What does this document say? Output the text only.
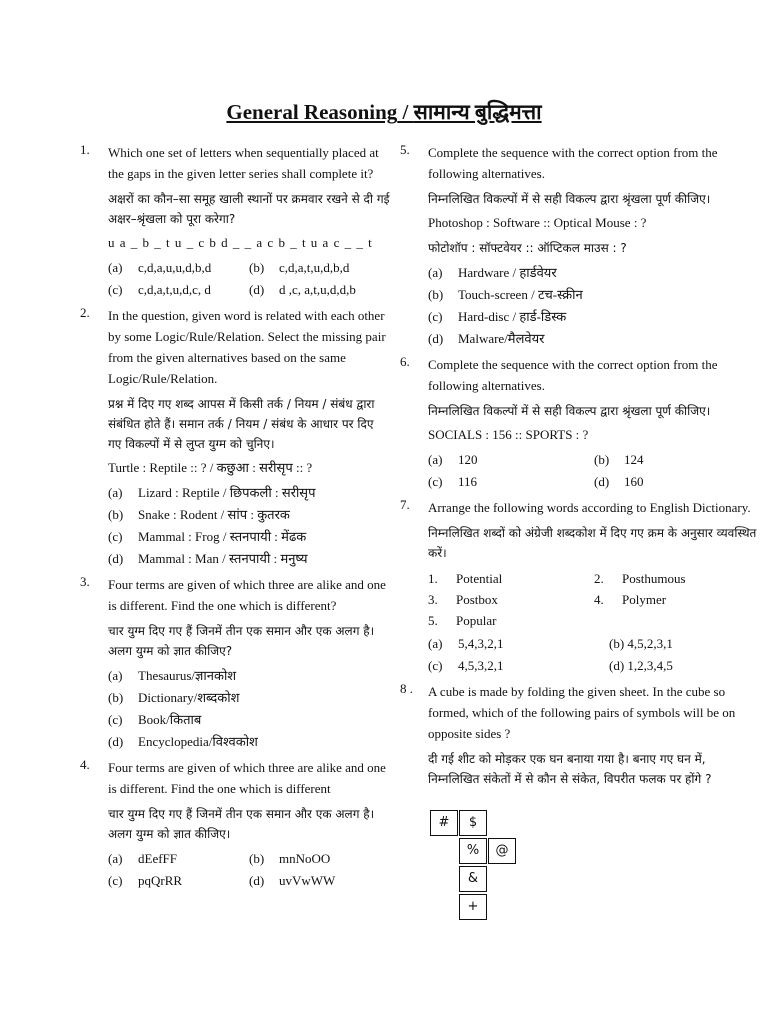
General Reasoning / सामान्य बुद्धिमत्ता
1. Which one set of letters when sequentially placed at the gaps in the given letter series shall complete it?
अक्षरों का कौन–सा समूह खाली स्थानों पर क्रमवार रखने से दी गई अक्षर–श्रृंखला को पूरा करेगा?
u a _ b _ t u _ c b d _ _ a c b _ t u a c _ _ t
(a) c,d,a,u,u,d,b,d	(b) c,d,a,t,u,d,b,d
(c) c,d,a,t,u,d,c, d	(d) d ,c, a,t,u,d,d,b
2. In the question, given word is related with each other by some Logic/Rule/Relation. Select the missing pair from the given alternatives based on the same Logic/Rule/Relation.
प्रश्न में दिए गए शब्द आपस में किसी तर्क / नियम / संबंध द्वारा संबंधित होते हैं। समान तर्क / नियम / संबंध के आधार पर दिए गए विकल्पों में से लुप्त युग्म को चुनिए।
Turtle : Reptile :: ? / कछुआ : सरीसृप :: ?
(a) Lizard : Reptile / छिपकली : सरीसृप
(b) Snake : Rodent / सांप : कुतरक
(c) Mammal : Frog / स्तनपायी : मेंढक
(d) Mammal : Man / स्तनपायी : मनुष्य
3. Four terms are given of which three are alike and one is different. Find the one which is different?
चार युग्म दिए गए हैं जिनमें तीन एक समान और एक अलग है। अलग युग्म को ज्ञात कीजिए?
(a) Thesaurus/ज्ञानकोश
(b) Dictionary/शब्दकोश
(c) Book/किताब
(d) Encyclopedia/विश्वकोश
4. Four terms are given of which three are alike and one is different. Find the one which is different
चार युग्म दिए गए हैं जिनमें तीन एक समान और एक अलग है। अलग युग्म को ज्ञात कीजिए।
(a) dEefFF	(b) mnNoOO
(c) pqQrRR	(d) uvVwWW
5. Complete the sequence with the correct option from the following alternatives.
निम्नलिखित विकल्पों में से सही विकल्प द्वारा श्रृंखला पूर्ण कीजिए।
Photoshop : Software :: Optical Mouse : ?
फोटोशॉप : सॉफ्टवेयर :: ऑप्टिकल माउस : ?
(a) Hardware / हार्डवेयर
(b) Touch-screen / टच-स्क्रीन
(c) Hard-disc / हार्ड-डिस्क
(d) Malware/मैलवेयर
6. Complete the sequence with the correct option from the following alternatives.
निम्नलिखित विकल्पों में से सही विकल्प द्वारा श्रृंखला पूर्ण कीजिए।
SOCIALS : 156 :: SPORTS : ?
(a) 120	(b) 124
(c) 116	(d) 160
7. Arrange the following words according to English Dictionary.
निम्नलिखित शब्दों को अंग्रेजी शब्दकोश में दिए गए क्रम के अनुसार व्यवस्थित करें।
1. Potential	2. Posthumous
3. Postbox	4. Polymer
5. Popular
(a) 5,4,3,2,1	(b) 4,5,2,3,1
(c) 4,5,3,2,1	(d) 1,2,3,4,5
8 . A cube is made by folding the given sheet. In the cube so formed, which of the following pairs of symbols will be on opposite sides ?
दी गई शीट को मोड़कर एक घन बनाया गया है। बनाए गए घन में, निम्नलिखित संकेतों में से कौन से संकेत, विपरीत फलक पर होंगे ?
#	$
%	@
&
+
